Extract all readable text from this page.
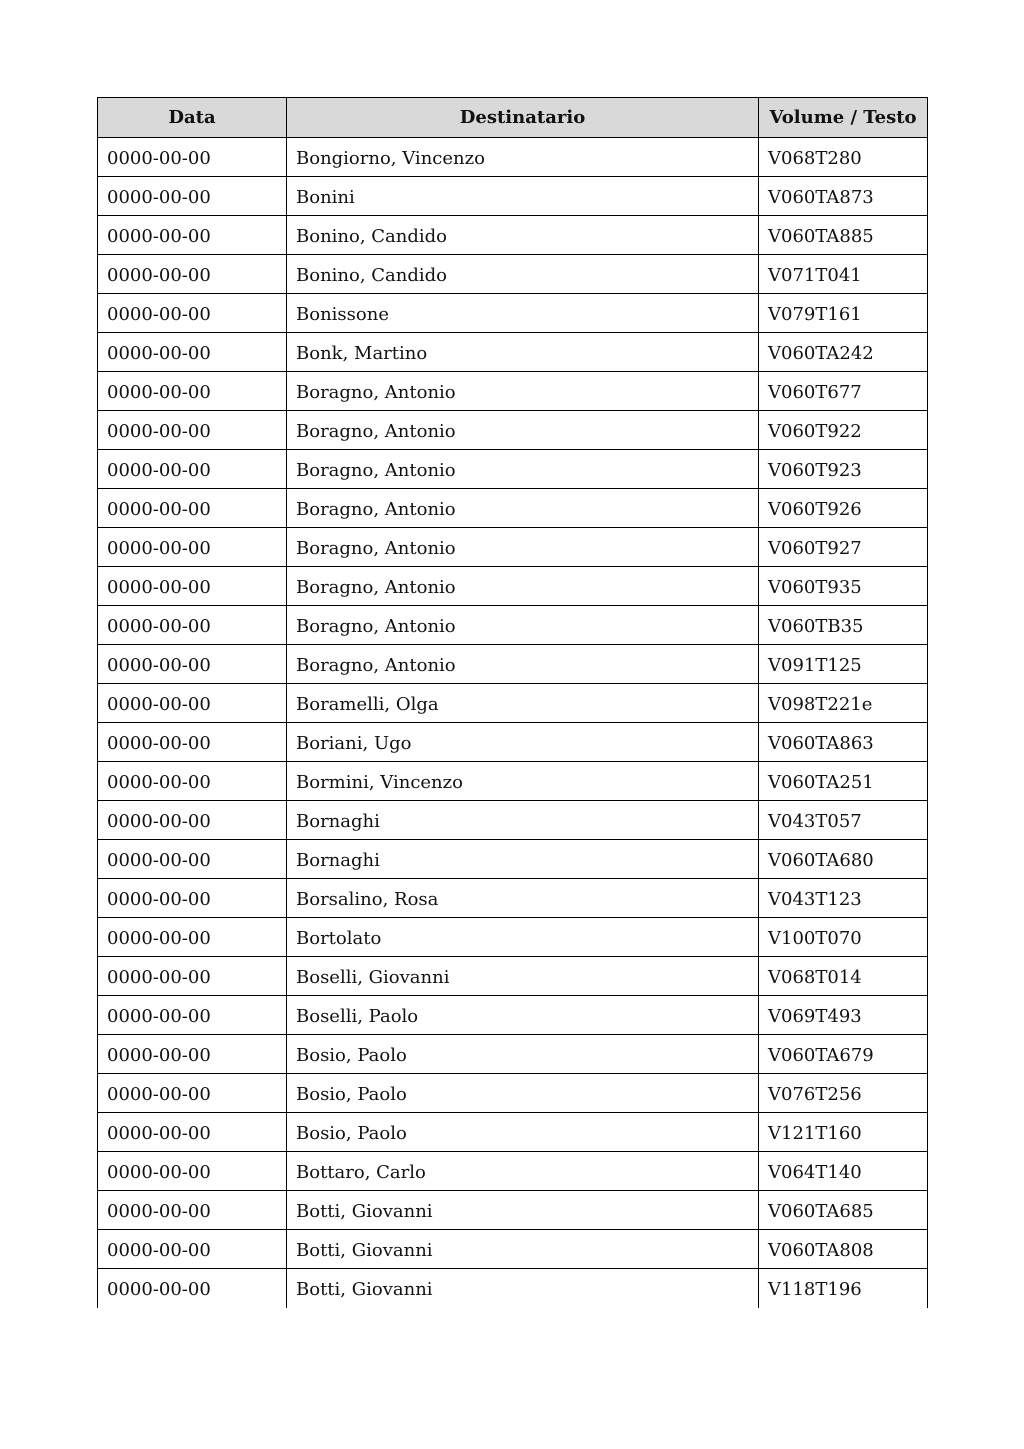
Data	Destinatario	Volume / Testo
0000-00-00	Bongiorno, Vincenzo	V068T280
0000-00-00	Bonini	V060TA873
0000-00-00	Bonino, Candido	V060TA885
0000-00-00	Bonino, Candido	V071T041
0000-00-00	Bonissone	V079T161
0000-00-00	Bonk, Martino	V060TA242
0000-00-00	Boragno, Antonio	V060T677
0000-00-00	Boragno, Antonio	V060T922
0000-00-00	Boragno, Antonio	V060T923
0000-00-00	Boragno, Antonio	V060T926
0000-00-00	Boragno, Antonio	V060T927
0000-00-00	Boragno, Antonio	V060T935
0000-00-00	Boragno, Antonio	V060TB35
0000-00-00	Boragno, Antonio	V091T125
0000-00-00	Boramelli, Olga	V098T221e
0000-00-00	Boriani, Ugo	V060TA863
0000-00-00	Bormini, Vincenzo	V060TA251
0000-00-00	Bornaghi	V043T057
0000-00-00	Bornaghi	V060TA680
0000-00-00	Borsalino, Rosa	V043T123
0000-00-00	Bortolato	V100T070
0000-00-00	Boselli, Giovanni	V068T014
0000-00-00	Boselli, Paolo	V069T493
0000-00-00	Bosio, Paolo	V060TA679
0000-00-00	Bosio, Paolo	V076T256
0000-00-00	Bosio, Paolo	V121T160
0000-00-00	Bottaro, Carlo	V064T140
0000-00-00	Botti, Giovanni	V060TA685
0000-00-00	Botti, Giovanni	V060TA808
0000-00-00	Botti, Giovanni	V118T196
